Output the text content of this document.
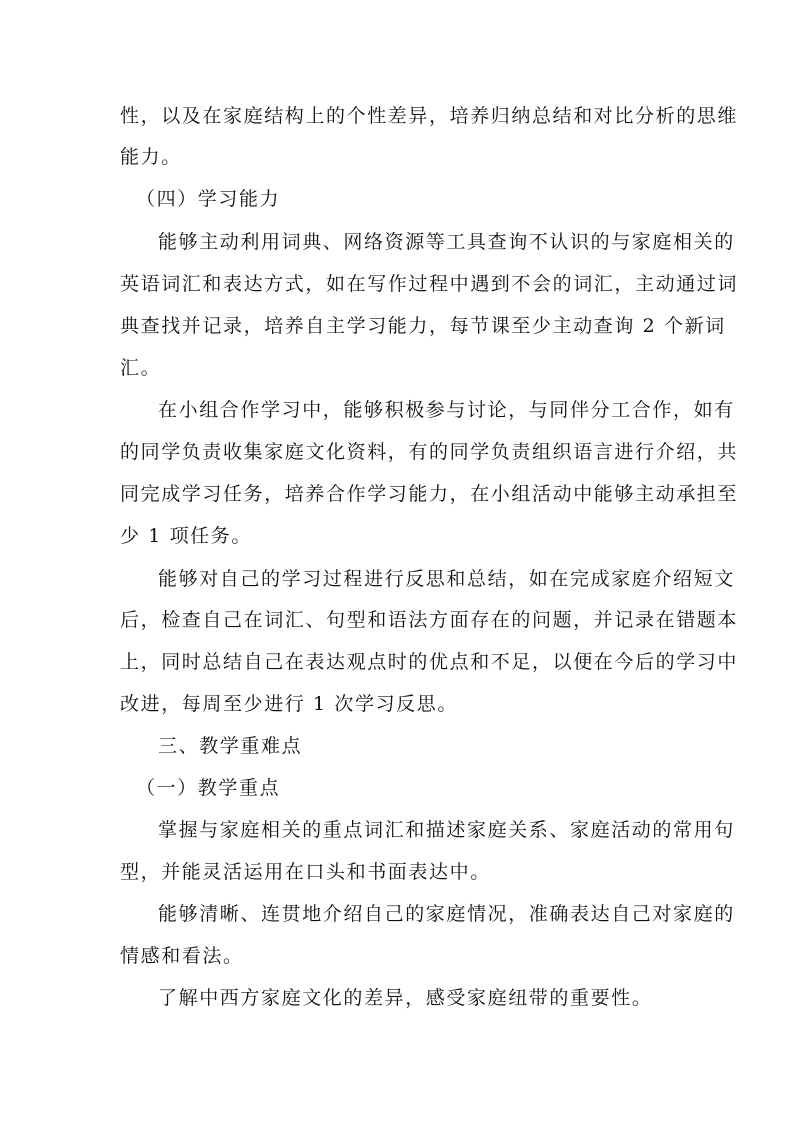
性，以及在家庭结构上的个性差异，培养归纳总结和对比分析的思维
能力。
（四）学习能力
能够主动利用词典、网络资源等工具查询不认识的与家庭相关的
英语词汇和表达方式，如在写作过程中遇到不会的词汇，主动通过词
典查找并记录，培养自主学习能力，每节课至少主动查询 2 个新词
汇。
在小组合作学习中，能够积极参与讨论，与同伴分工合作，如有
的同学负责收集家庭文化资料，有的同学负责组织语言进行介绍，共
同完成学习任务，培养合作学习能力，在小组活动中能够主动承担至
少 1 项任务。
能够对自己的学习过程进行反思和总结，如在完成家庭介绍短文
后，检查自己在词汇、句型和语法方面存在的问题，并记录在错题本
上，同时总结自己在表达观点时的优点和不足，以便在今后的学习中
改进，每周至少进行 1 次学习反思。
三、教学重难点
（一）教学重点
掌握与家庭相关的重点词汇和描述家庭关系、家庭活动的常用句
型，并能灵活运用在口头和书面表达中。
能够清晰、连贯地介绍自己的家庭情况，准确表达自己对家庭的
情感和看法。
了解中西方家庭文化的差异，感受家庭纽带的重要性。
